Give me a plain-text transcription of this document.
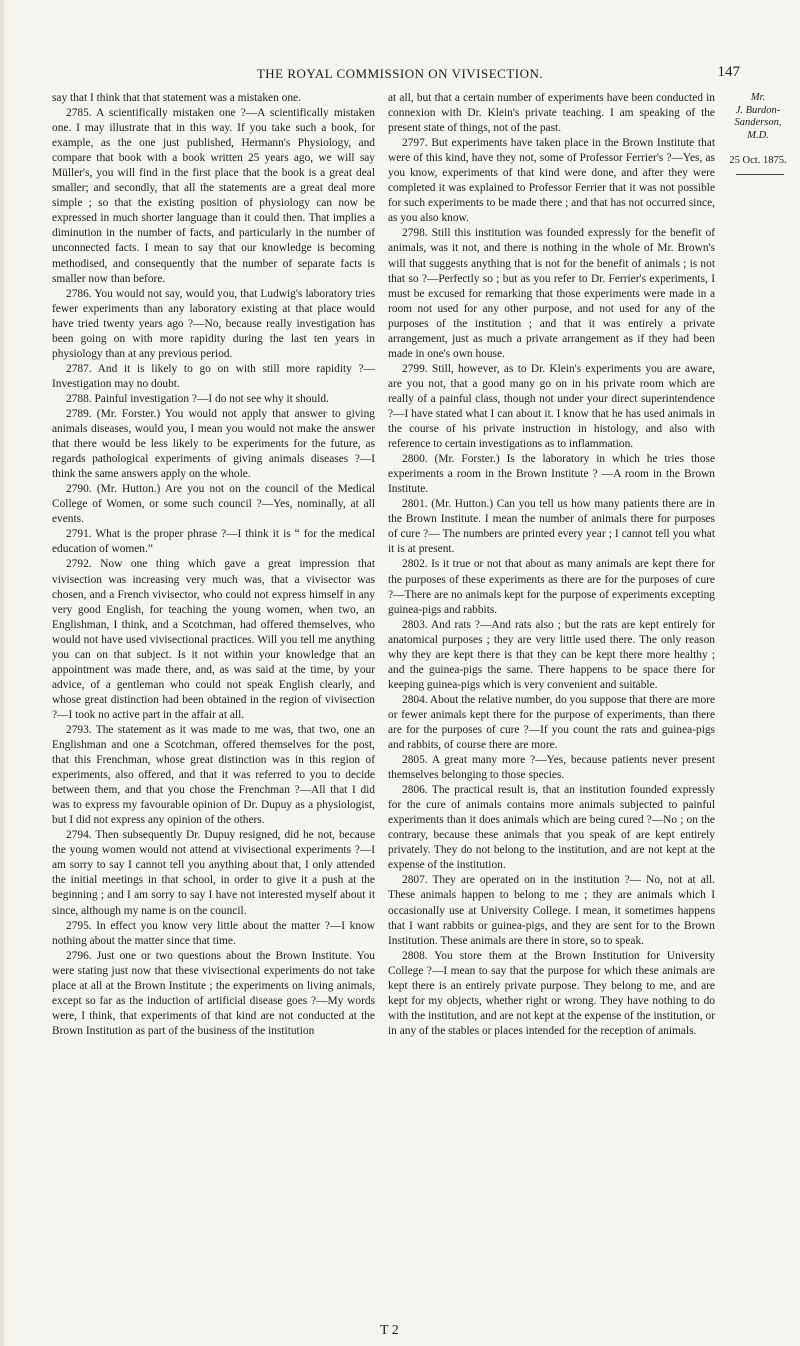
THE ROYAL COMMISSION ON VIVISECTION.	147

say that I think that that statement was a mistaken one.

2785. A scientifically mistaken one ?—A scientifically mistaken one. I may illustrate that in this way. If you take such a book, for example, as the one just published, Hermann's Physiology, and compare that book with a book written 25 years ago, we will say Müller's, you will find in the first place that the book is a great deal smaller; and secondly, that all the statements are a great deal more simple ; so that the existing position of physiology can now be expressed in much shorter language than it could then. That implies a diminution in the number of facts, and particularly in the number of unconnected facts. I mean to say that our knowledge is becoming methodised, and consequently that the number of separate facts is smaller now than before.

2786. You would not say, would you, that Ludwig's laboratory tries fewer experiments than any laboratory existing at that place would have tried twenty years ago ?—No, because really investigation has been going on with more rapidity during the last ten years in physiology than at any previous period.

2787. And it is likely to go on with still more rapidity ?—Investigation may no doubt.

2788. Painful investigation ?—I do not see why it should.

2789. (Mr. Forster.) You would not apply that answer to giving animals diseases, would you, I mean you would not make the answer that there would be less likely to be experiments for the future, as regards pathological experiments of giving animals diseases ?—I think the same answers apply on the whole.

2790. (Mr. Hutton.) Are you not on the council of the Medical College of Women, or some such council ?—Yes, nominally, at all events.

2791. What is the proper phrase ?—I think it is “ for the medical education of women.”

2792. Now one thing which gave a great impression that vivisection was increasing very much was, that a vivisector was chosen, and a French vivisector, who could not express himself in any very good English, for teaching the young women, when two, an Englishman, I think, and a Scotchman, had offered themselves, who would not have used vivisectional practices. Will you tell me anything you can on that subject. Is it not within your knowledge that an appointment was made there, and, as was said at the time, by your advice, of a gentleman who could not speak English clearly, and whose great distinction had been obtained in the region of vivisection ?—I took no active part in the affair at all.

2793. The statement as it was made to me was, that two, one an Englishman and one a Scotchman, offered themselves for the post, that this Frenchman, whose great distinction was in this region of experiments, also offered, and that it was referred to you to decide between them, and that you chose the Frenchman ?—All that I did was to express my favourable opinion of Dr. Dupuy as a physiologist, but I did not express any opinion of the others.

2794. Then subsequently Dr. Dupuy resigned, did he not, because the young women would not attend at vivisectional experiments ?—I am sorry to say I cannot tell you anything about that, I only attended the initial meetings in that school, in order to give it a push at the beginning ; and I am sorry to say I have not interested myself about it since, although my name is on the council.

2795. In effect you know very little about the matter ?—I know nothing about the matter since that time.

2796. Just one or two questions about the Brown Institute. You were stating just now that these vivisectional experiments do not take place at all at the Brown Institute ; the experiments on living animals, except so far as the induction of artificial disease goes ?—My words were, I think, that experiments of that kind are not conducted at the Brown Institution as part of the business of the institution

at all, but that a certain number of experiments have been conducted in connexion with Dr. Klein's private teaching. I am speaking of the present state of things, not of the past.

2797. But experiments have taken place in the Brown Institute that were of this kind, have they not, some of Professor Ferrier's ?—Yes, as you know, experiments of that kind were done, and after they were completed it was explained to Professor Ferrier that it was not possible for such experiments to be made there ; and that has not occurred since, as you also know.

2798. Still this institution was founded expressly for the benefit of animals, was it not, and there is nothing in the whole of Mr. Brown's will that suggests anything that is not for the benefit of animals ; is not that so ?—Perfectly so ; but as you refer to Dr. Ferrier's experiments, I must be excused for remarking that those experiments were made in a room not used for any other purpose, and not used for any of the purposes of the institution ; and that it was entirely a private arrangement, just as much a private arrangement as if they had been made in one's own house.

2799. Still, however, as to Dr. Klein's experiments you are aware, are you not, that a good many go on in his private room which are really of a painful class, though not under your direct superintendence ?—I have stated what I can about it. I know that he has used animals in the course of his private instruction in histology, and also with reference to certain investigations as to inflammation.

2800. (Mr. Forster.) Is the laboratory in which he tries those experiments a room in the Brown Institute ? —A room in the Brown Institute.

2801. (Mr. Hutton.) Can you tell us how many patients there are in the Brown Institute. I mean the number of animals there for purposes of cure ?— The numbers are printed every year ; I cannot tell you what it is at present.

2802. Is it true or not that about as many animals are kept there for the purposes of these experiments as there are for the purposes of cure ?—There are no animals kept for the purpose of experiments excepting guinea-pigs and rabbits.

2803. And rats ?—And rats also ; but the rats are kept entirely for anatomical purposes ; they are very little used there. The only reason why they are kept there is that they can be kept there more healthy ; and the guinea-pigs the same. There happens to be space there for keeping guinea-pigs which is very convenient and suitable.

2804. About the relative number, do you suppose that there are more or fewer animals kept there for the purpose of experiments, than there are for the purposes of cure ?—If you count the rats and guinea-pigs and rabbits, of course there are more.

2805. A great many more ?—Yes, because patients never present themselves belonging to those species.

2806. The practical result is, that an institution founded expressly for the cure of animals contains more animals subjected to painful experiments than it does animals which are being cured ?—No ; on the contrary, because these animals that you speak of are kept entirely privately. They do not belong to the institution, and are not kept at the expense of the institution.

2807. They are operated on in the institution ?— No, not at all. These animals happen to belong to me ; they are animals which I occasionally use at University College. I mean, it sometimes happens that I want rabbits or guinea-pigs, and they are sent for to the Brown Institution. These animals are there in store, so to speak.

2808. You store them at the Brown Institution for University College ?—I mean to say that the purpose for which these animals are kept there is an entirely private purpose. They belong to me, and are kept for my objects, whether right or wrong. They have nothing to do with the institution, and are not kept at the expense of the institution, or in any of the stables or places intended for the reception of animals.

Mr.
J. Burdon-Sanderson, M.D.
25 Oct. 1875.
T 2
